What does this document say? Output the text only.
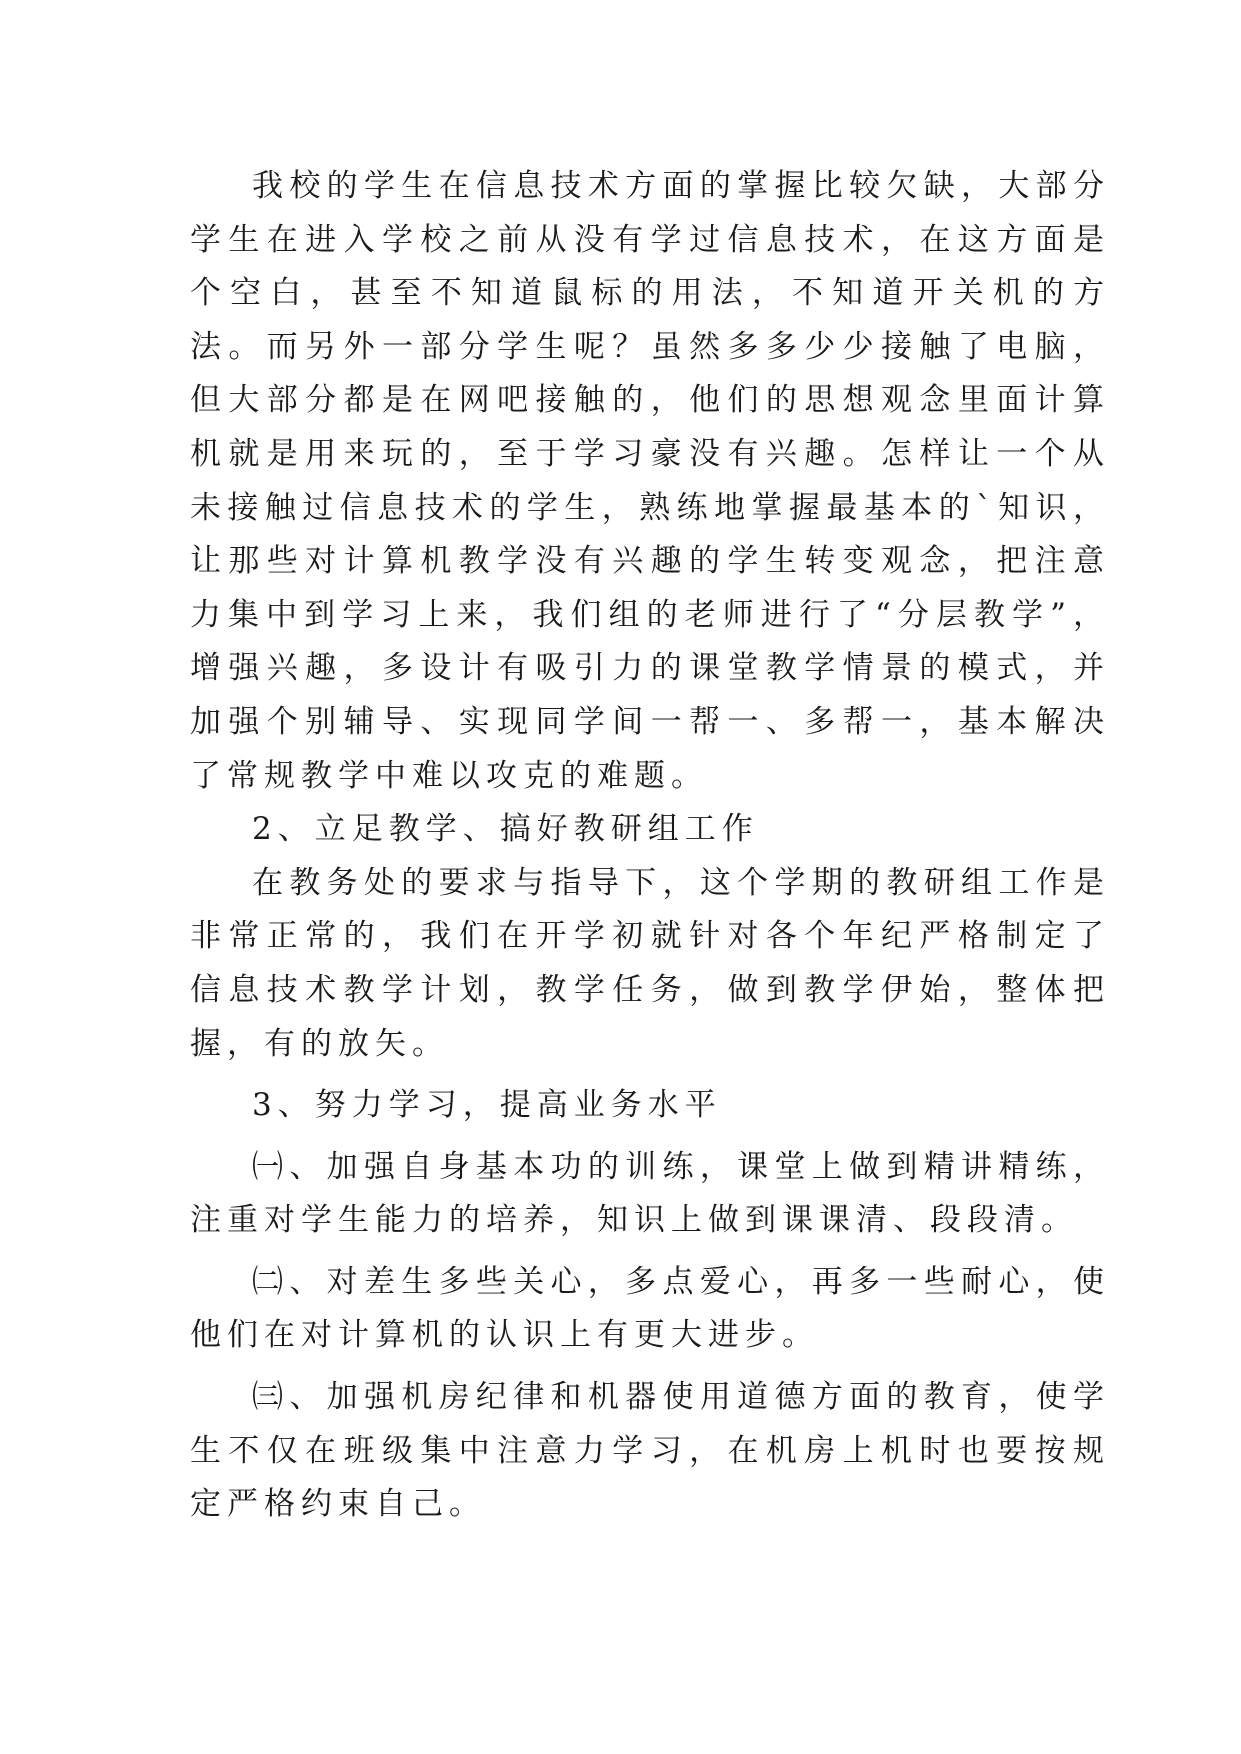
我校的学生在信息技术方面的掌握比较欠缺，大部分学生在进入学校之前从没有学过信息技术，在这方面是个空白，甚至不知道鼠标的用法，不知道开关机的方法。而另外一部分学生呢？虽然多多少少接触了电脑，但大部分都是在网吧接触的，他们的思想观念里面计算机就是用来玩的，至于学习豪没有兴趣。怎样让一个从未接触过信息技术的学生，熟练地掌握最基本的`知识，让那些对计算机教学没有兴趣的学生转变观念，把注意力集中到学习上来，我们组的老师进行了“分层教学”，增强兴趣，多设计有吸引力的课堂教学情景的模式，并加强个别辅导、实现同学间一帮一、多帮一，基本解决了常规教学中难以攻克的难题。

2、立足教学、搞好教研组工作

在教务处的要求与指导下，这个学期的教研组工作是非常正常的，我们在开学初就针对各个年纪严格制定了信息技术教学计划，教学任务，做到教学伊始，整体把握，有的放矢。

3、努力学习，提高业务水平

㈠、加强自身基本功的训练，课堂上做到精讲精练，注重对学生能力的培养，知识上做到课课清、段段清。

㈡、对差生多些关心，多点爱心，再多一些耐心，使他们在对计算机的认识上有更大进步。

㈢、加强机房纪律和机器使用道德方面的教育，使学生不仅在班级集中注意力学习，在机房上机时也要按规定严格约束自己。
